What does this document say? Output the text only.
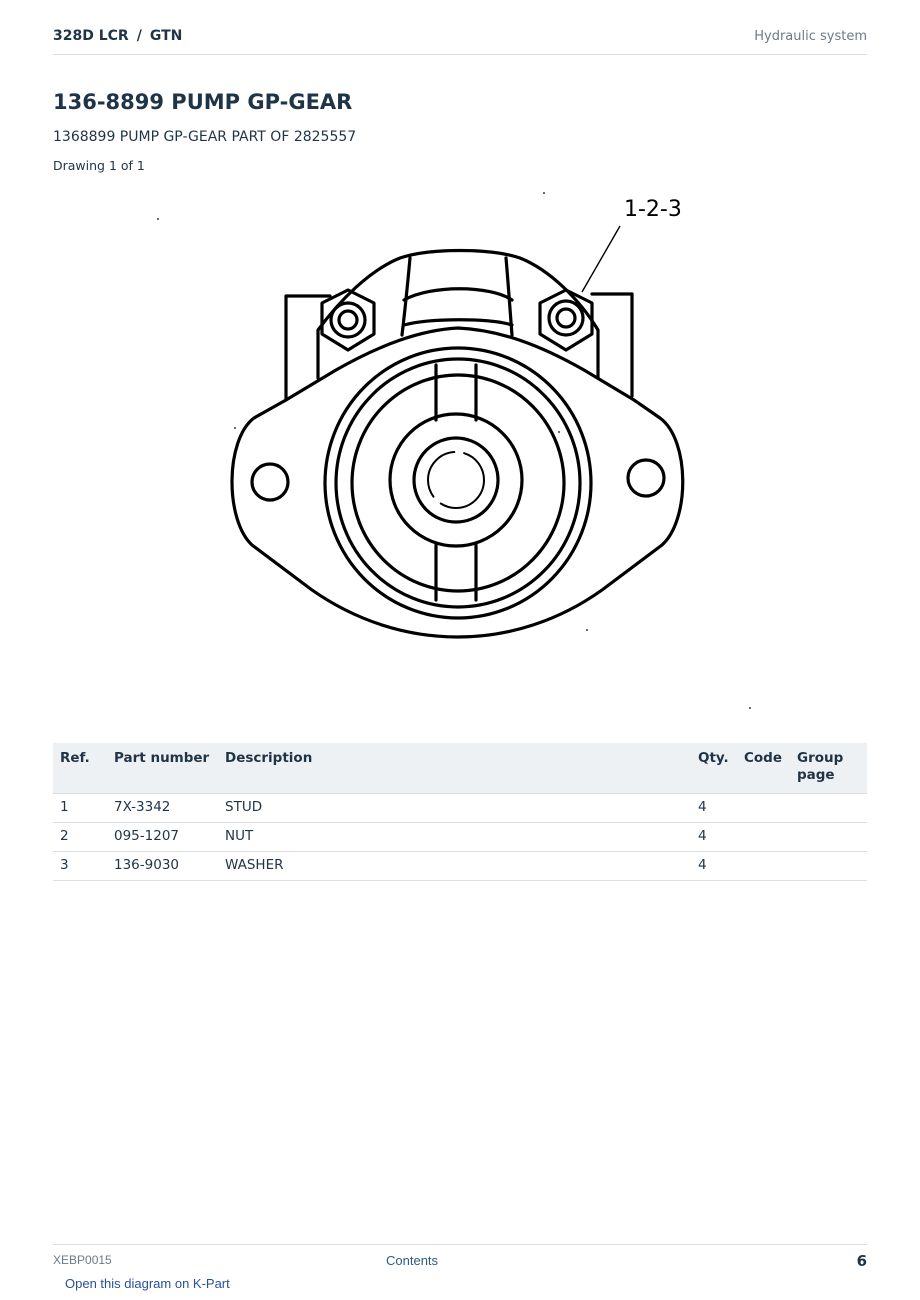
328D LCR / GTN	Hydraulic system
136-8899 PUMP GP-GEAR
1368899 PUMP GP-GEAR PART OF 2825557
Drawing 1 of 1
1-2-3
Ref.	Part number	Description	Qty.	Code	Group page
1	7X-3342	STUD	4		
2	095-1207	NUT	4		
3	136-9030	WASHER	4		
XEBP0015	Contents	6
Open this diagram on K-Part
